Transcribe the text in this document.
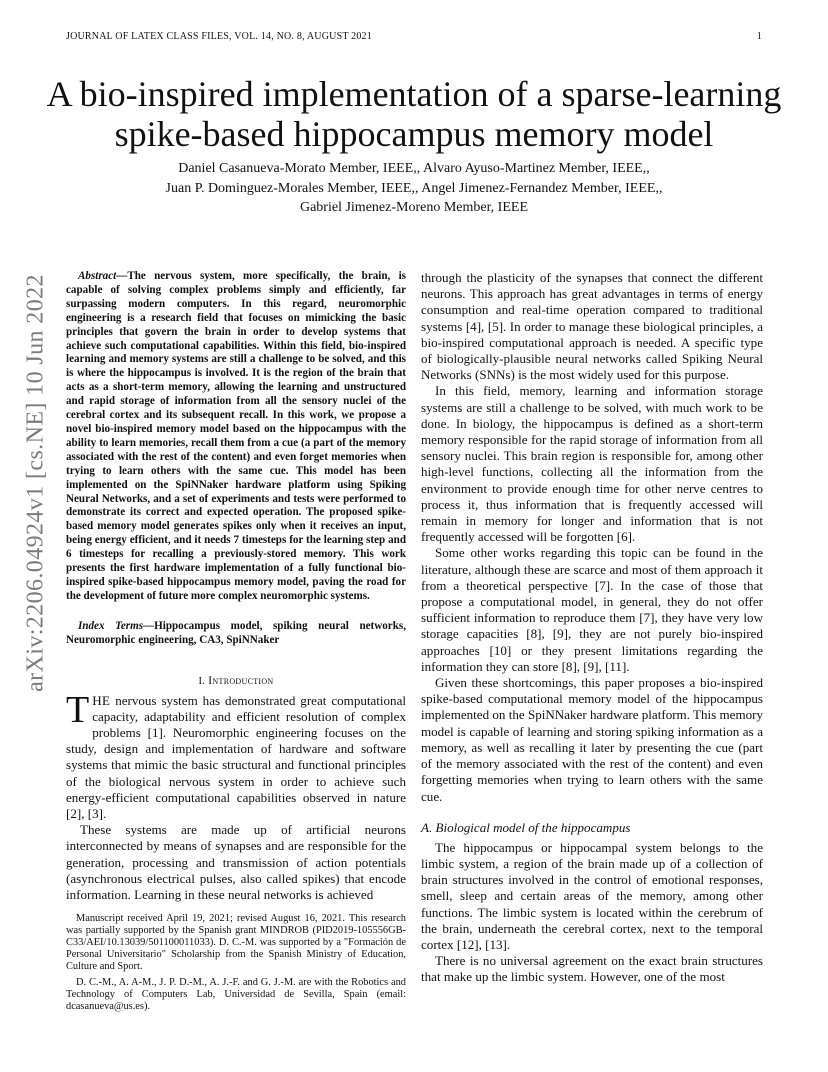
JOURNAL OF LATEX CLASS FILES, VOL. 14, NO. 8, AUGUST 2021	1
arXiv:2206.04924v1 [cs.NE] 10 Jun 2022
A bio-inspired implementation of a sparse-learning spike-based hippocampus memory model
Daniel Casanueva-Morato Member, IEEE,, Alvaro Ayuso-Martinez Member, IEEE,,
Juan P. Dominguez-Morales Member, IEEE,, Angel Jimenez-Fernandez Member, IEEE,,
Gabriel Jimenez-Moreno Member, IEEE

Abstract—The nervous system, more specifically, the brain, is capable of solving complex problems simply and efficiently, far surpassing modern computers. In this regard, neuromorphic engineering is a research field that focuses on mimicking the basic principles that govern the brain in order to develop systems that achieve such computational capabilities. Within this field, bio-inspired learning and memory systems are still a challenge to be solved, and this is where the hippocampus is involved. It is the region of the brain that acts as a short-term memory, allowing the learning and unstructured and rapid storage of information from all the sensory nuclei of the cerebral cortex and its subsequent recall. In this work, we propose a novel bio-inspired memory model based on the hippocampus with the ability to learn memories, recall them from a cue (a part of the memory associated with the rest of the content) and even forget memories when trying to learn others with the same cue. This model has been implemented on the SpiNNaker hardware platform using Spiking Neural Networks, and a set of experiments and tests were performed to demonstrate its correct and expected operation. The proposed spike-based memory model generates spikes only when it receives an input, being energy efficient, and it needs 7 timesteps for the learning step and 6 timesteps for recalling a previously-stored memory. This work presents the first hardware implementation of a fully functional bio-inspired spike-based hippocampus memory model, paving the road for the development of future more complex neuromorphic systems.

Index Terms—Hippocampus model, spiking neural networks, Neuromorphic engineering, CA3, SpiNNaker

I. Introduction

THE nervous system has demonstrated great computational capacity, adaptability and efficient resolution of complex problems [1]. Neuromorphic engineering focuses on the study, design and implementation of hardware and software systems that mimic the basic structural and functional principles of the biological nervous system in order to achieve such energy-efficient computational capabilities observed in nature [2], [3].

These systems are made up of artificial neurons interconnected by means of synapses and are responsible for the generation, processing and transmission of action potentials (asynchronous electrical pulses, also called spikes) that encode information. Learning in these neural networks is achieved

Manuscript received April 19, 2021; revised August 16, 2021. This research was partially supported by the Spanish grant MINDROB (PID2019-105556GB-C33/AEI/10.13039/501100011033). D. C.-M. was supported by a "Formación de Personal Universitario" Scholarship from the Spanish Ministry of Education, Culture and Sport.

D. C.-M., A. A-M., J. P. D.-M., A. J.-F. and G. J.-M. are with the Robotics and Technology of Computers Lab, Universidad de Sevilla, Spain (email: dcasanueva@us.es).

through the plasticity of the synapses that connect the different neurons. This approach has great advantages in terms of energy consumption and real-time operation compared to traditional systems [4], [5]. In order to manage these biological principles, a bio-inspired computational approach is needed. A specific type of biologically-plausible neural networks called Spiking Neural Networks (SNNs) is the most widely used for this purpose.

In this field, memory, learning and information storage systems are still a challenge to be solved, with much work to be done. In biology, the hippocampus is defined as a short-term memory responsible for the rapid storage of information from all sensory nuclei. This brain region is responsible for, among other high-level functions, collecting all the information from the environment to provide enough time for other nerve centres to process it, thus information that is frequently accessed will remain in memory for longer and information that is not frequently accessed will be forgotten [6].

Some other works regarding this topic can be found in the literature, although these are scarce and most of them approach it from a theoretical perspective [7]. In the case of those that propose a computational model, in general, they do not offer sufficient information to reproduce them [7], they have very low storage capacities [8], [9], they are not purely bio-inspired approaches [10] or they present limitations regarding the information they can store [8], [9], [11].

Given these shortcomings, this paper proposes a bio-inspired spike-based computational memory model of the hippocampus implemented on the SpiNNaker hardware platform. This memory model is capable of learning and storing spiking information as a memory, as well as recalling it later by presenting the cue (part of the memory associated with the rest of the content) and even forgetting memories when trying to learn others with the same cue.

A. Biological model of the hippocampus

The hippocampus or hippocampal system belongs to the limbic system, a region of the brain made up of a collection of brain structures involved in the control of emotional responses, smell, sleep and certain areas of the memory, among other functions. The limbic system is located within the cerebrum of the brain, underneath the cerebral cortex, next to the temporal cortex [12], [13].

There is no universal agreement on the exact brain structures that make up the limbic system. However, one of the most
